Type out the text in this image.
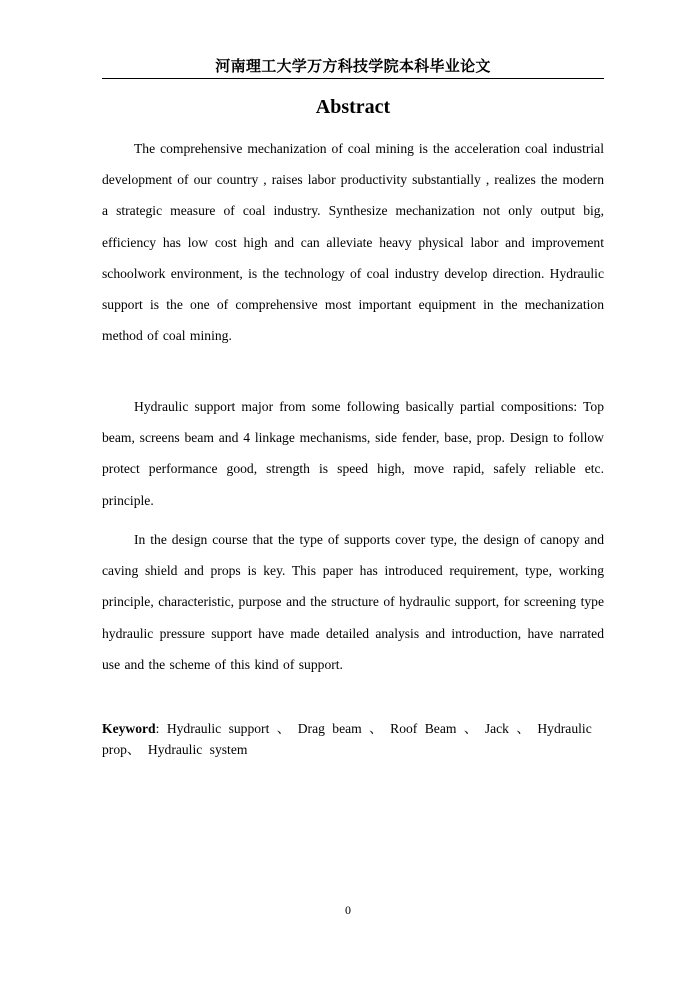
河南理工大学万方科技学院本科毕业论文
Abstract

The comprehensive mechanization of coal mining is the acceleration coal industrial development of our country , raises labor productivity substantially , realizes the modern a strategic measure of coal industry. Synthesize mechanization not only output big, efficiency has low cost high and can alleviate heavy physical labor and improvement schoolwork environment, is the technology of coal industry develop direction. Hydraulic support is the one of comprehensive most important equipment in the mechanization method of coal mining.

Hydraulic support major from some following basically partial compositions: Top beam, screens beam and 4 linkage mechanisms, side fender, base, prop. Design to follow protect performance good, strength is speed high, move rapid, safely reliable etc. principle.

In the design course that the type of supports cover type, the design of canopy and caving shield and props is key. This paper has introduced requirement, type, working principle, characteristic, purpose and the structure of hydraulic support, for screening type hydraulic pressure support have made detailed analysis and introduction, have narrated use and the scheme of this kind of support.

Keyword: Hydraulic support 、 Drag beam 、 Roof Beam 、 Jack 、 Hydraulic prop、 Hydraulic system

0
